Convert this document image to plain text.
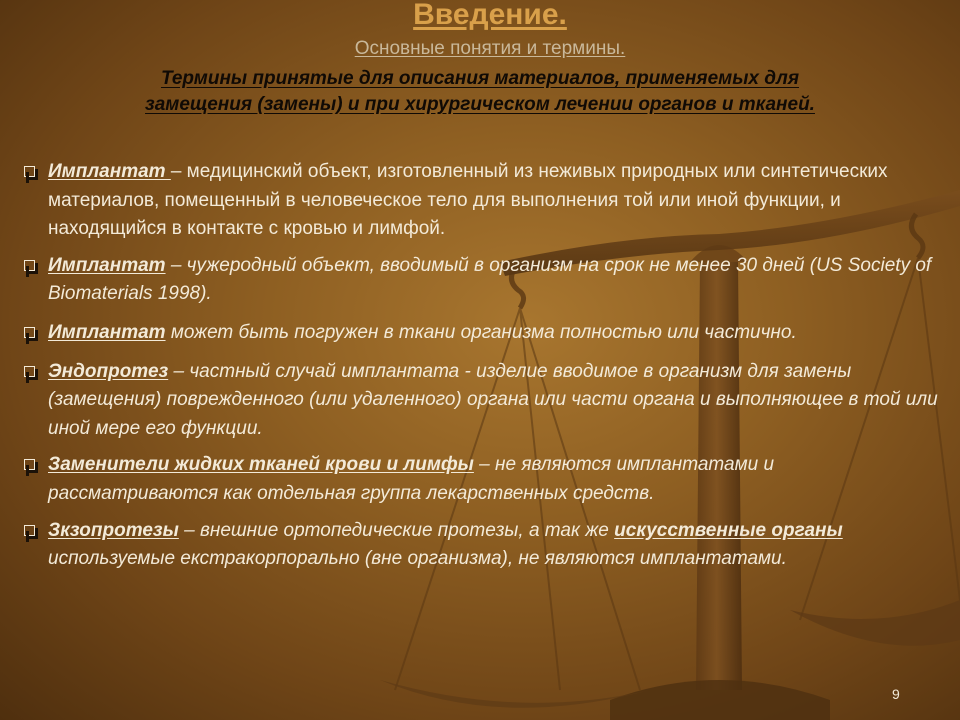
Введение.
Основные понятия и термины.
Термины принятые для описания материалов, применяемых для
замещения (замены) и при хирургическом лечении органов и тканей.
Имплантат – медицинский объект, изготовленный из неживых природных или синтетических материалов, помещенный в человеческое тело для выполнения той или иной функции, и находящийся в контакте с кровью и лимфой.
Имплантат – чужеродный объект, вводимый в организм на срок не менее 30 дней (US Society of Biomaterials 1998).
Имплантат может быть погружен в ткани организма полностью или частично.
Эндопротез – частный случай имплантата - изделие вводимое в организм для замены (замещения) поврежденного (или удаленного) органа или части органа и выполняющее в той или иной мере его функции.
Заменители жидких тканей крови и лимфы – не являются имплантатами и рассматриваются как отдельная группа лекарственных средств.
Зкзопротезы – внешние ортопедические протезы, а так же искусственные органы используемые екстракорпорально (вне организма), не являются имплантатами.
9
